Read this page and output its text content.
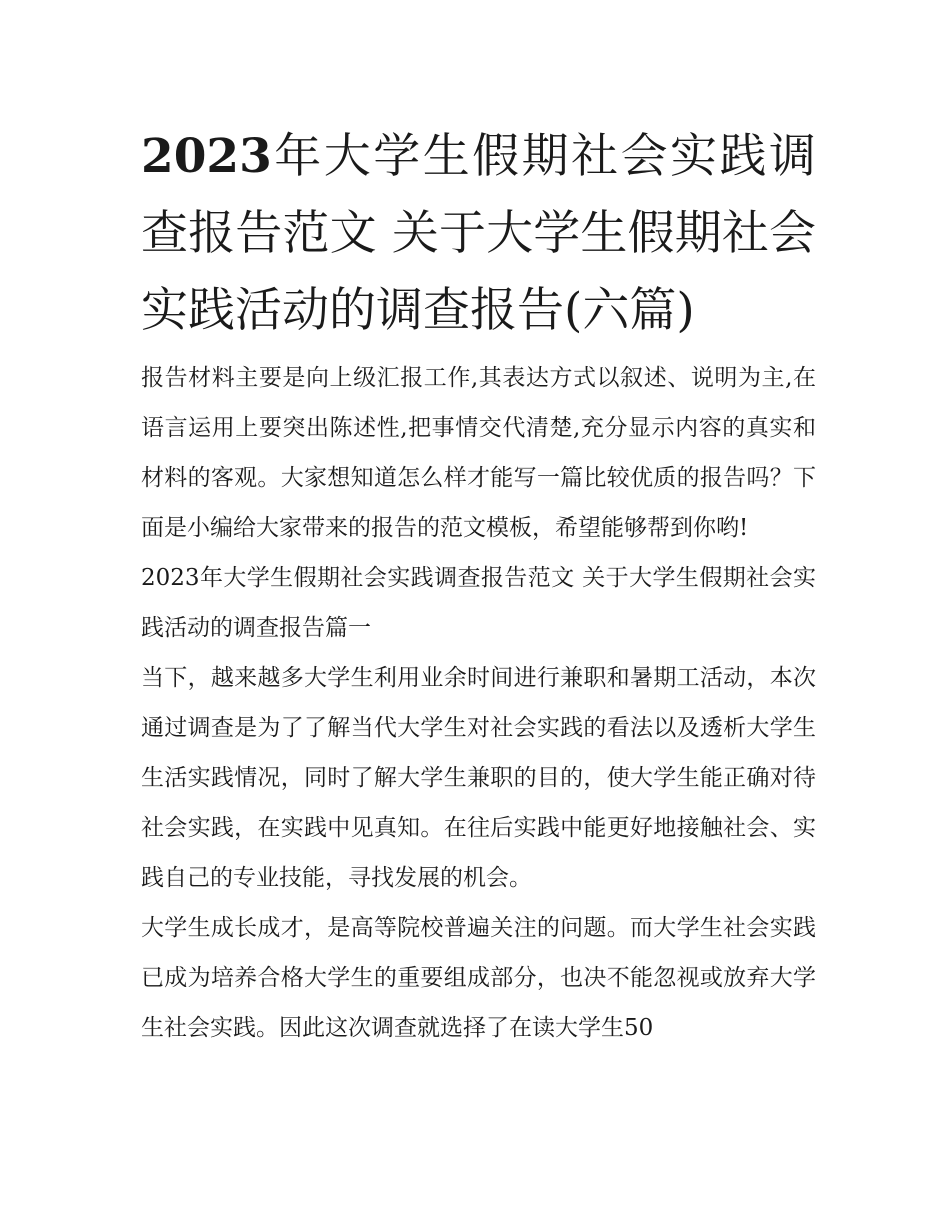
2023年大学生假期社会实践调查报告范文 关于大学生假期社会实践活动的调查报告(六篇)

报告材料主要是向上级汇报工作,其表达方式以叙述、说明为主,在语言运用上要突出陈述性,把事情交代清楚,充分显示内容的真实和材料的客观。大家想知道怎么样才能写一篇比较优质的报告吗？下面是小编给大家带来的报告的范文模板，希望能够帮到你哟!

2023年大学生假期社会实践调查报告范文 关于大学生假期社会实践活动的调查报告篇一

当下，越来越多大学生利用业余时间进行兼职和暑期工活动，本次通过调查是为了了解当代大学生对社会实践的看法以及透析大学生生活实践情况，同时了解大学生兼职的目的，使大学生能正确对待社会实践，在实践中见真知。在往后实践中能更好地接触社会、实践自己的专业技能，寻找发展的机会。

大学生成长成才，是高等院校普遍关注的问题。而大学生社会实践已成为培养合格大学生的重要组成部分，也决不能忽视或放弃大学生社会实践。因此这次调查就选择了在读大学生50
